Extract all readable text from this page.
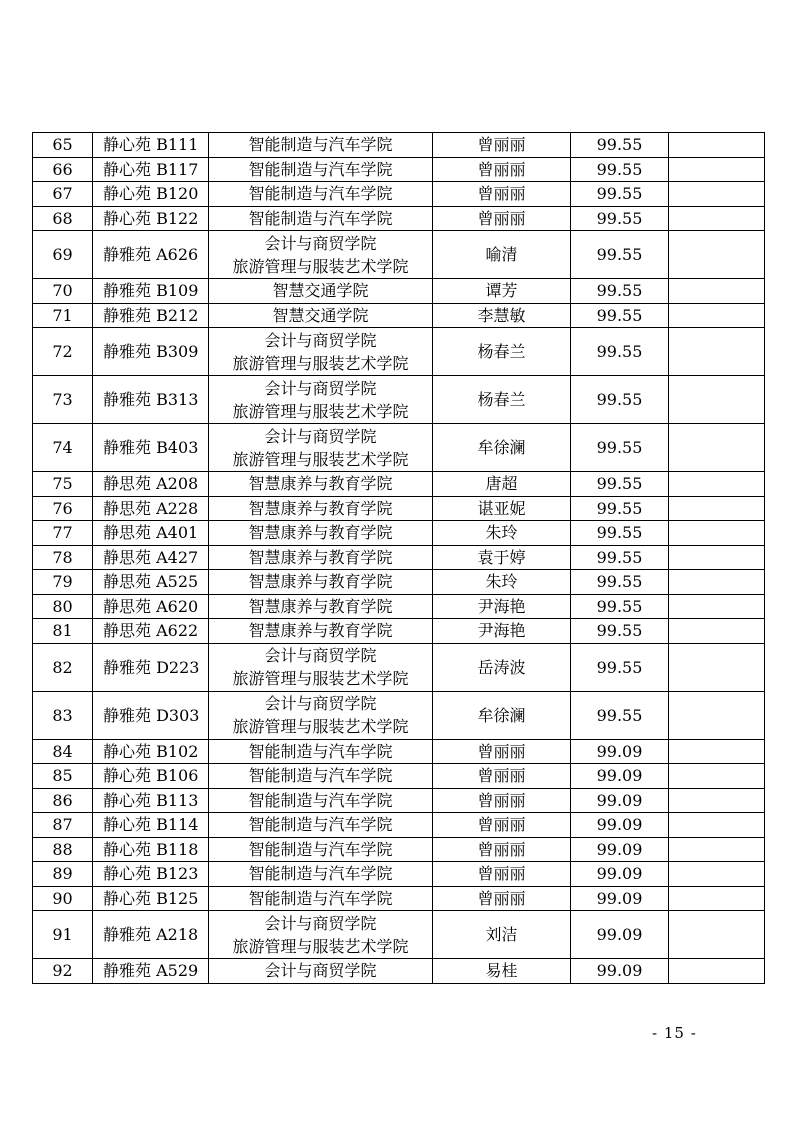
65	静心苑 B111	智能制造与汽车学院	曾丽丽	99.55	
66	静心苑 B117	智能制造与汽车学院	曾丽丽	99.55	
67	静心苑 B120	智能制造与汽车学院	曾丽丽	99.55	
68	静心苑 B122	智能制造与汽车学院	曾丽丽	99.55	
69	静雅苑 A626	会计与商贸学院
旅游管理与服装艺术学院	喻清	99.55	
70	静雅苑 B109	智慧交通学院	谭芳	99.55	
71	静雅苑 B212	智慧交通学院	李慧敏	99.55	
72	静雅苑 B309	会计与商贸学院
旅游管理与服装艺术学院	杨春兰	99.55	
73	静雅苑 B313	会计与商贸学院
旅游管理与服装艺术学院	杨春兰	99.55	
74	静雅苑 B403	会计与商贸学院
旅游管理与服装艺术学院	牟徐澜	99.55	
75	静思苑 A208	智慧康养与教育学院	唐超	99.55	
76	静思苑 A228	智慧康养与教育学院	谌亚妮	99.55	
77	静思苑 A401	智慧康养与教育学院	朱玲	99.55	
78	静思苑 A427	智慧康养与教育学院	袁于婷	99.55	
79	静思苑 A525	智慧康养与教育学院	朱玲	99.55	
80	静思苑 A620	智慧康养与教育学院	尹海艳	99.55	
81	静思苑 A622	智慧康养与教育学院	尹海艳	99.55	
82	静雅苑 D223	会计与商贸学院
旅游管理与服装艺术学院	岳涛波	99.55	
83	静雅苑 D303	会计与商贸学院
旅游管理与服装艺术学院	牟徐澜	99.55	
84	静心苑 B102	智能制造与汽车学院	曾丽丽	99.09	
85	静心苑 B106	智能制造与汽车学院	曾丽丽	99.09	
86	静心苑 B113	智能制造与汽车学院	曾丽丽	99.09	
87	静心苑 B114	智能制造与汽车学院	曾丽丽	99.09	
88	静心苑 B118	智能制造与汽车学院	曾丽丽	99.09	
89	静心苑 B123	智能制造与汽车学院	曾丽丽	99.09	
90	静心苑 B125	智能制造与汽车学院	曾丽丽	99.09	
91	静雅苑 A218	会计与商贸学院
旅游管理与服装艺术学院	刘洁	99.09	
92	静雅苑 A529	会计与商贸学院	易桂	99.09	
- 15 -
